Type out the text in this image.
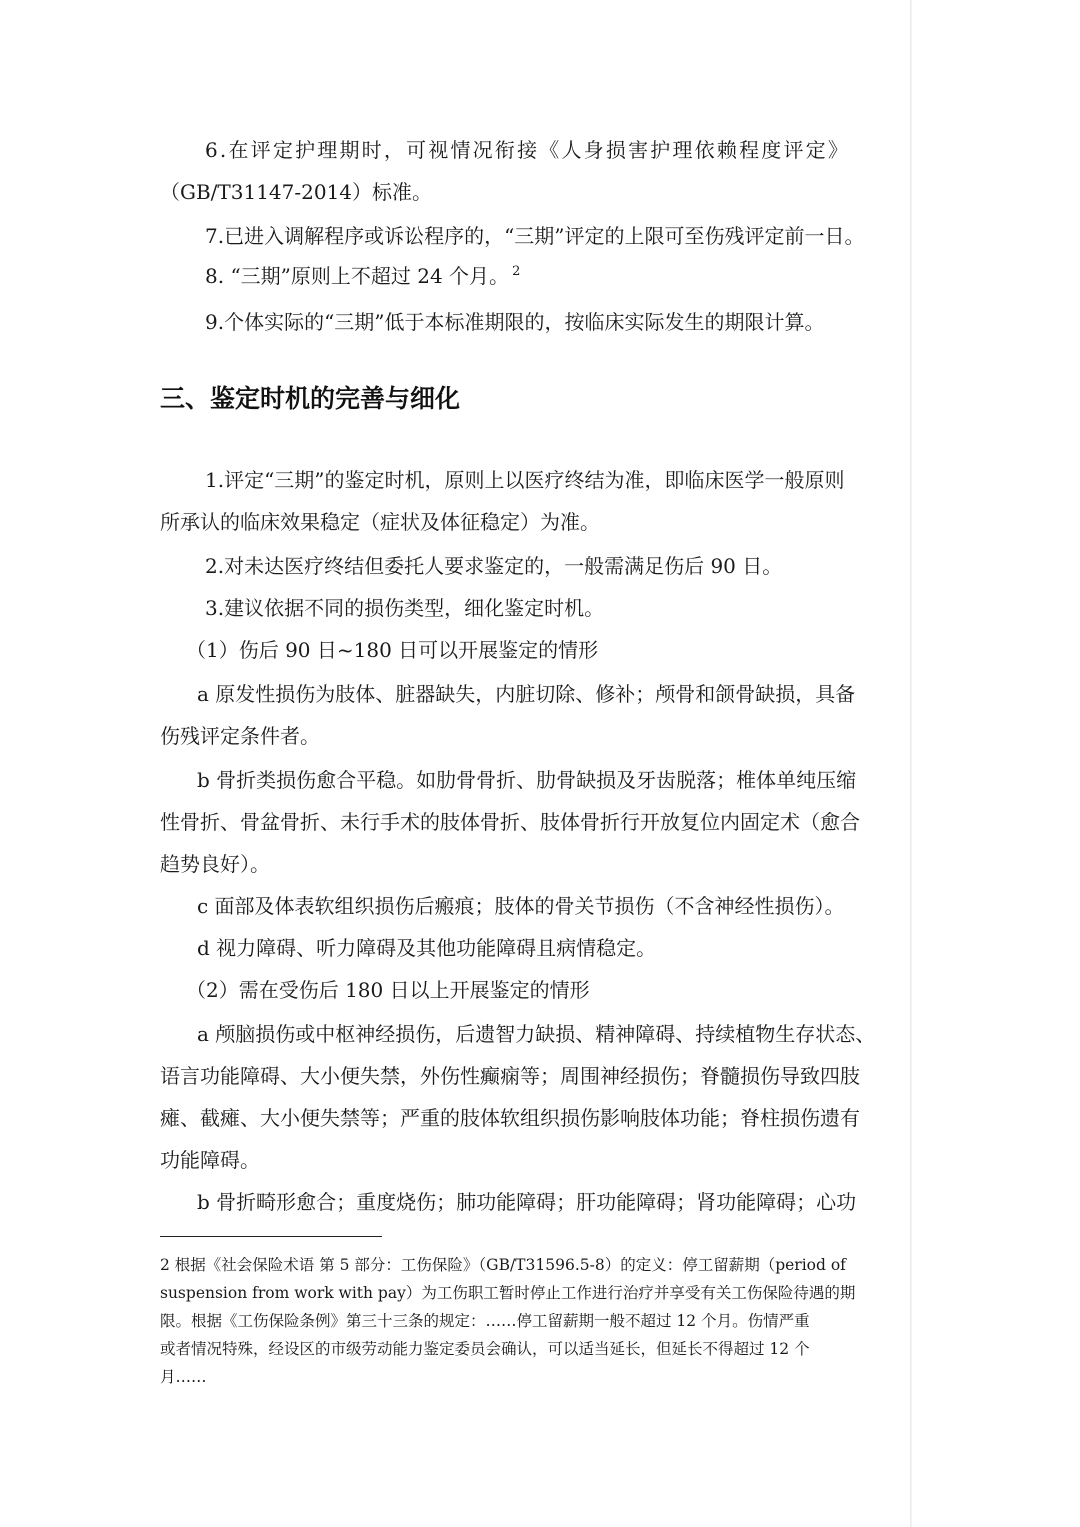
6.在评定护理期时，可视情况衔接《人身损害护理依赖程度评定》
（GB/T31147-2014）标准。
7.已进入调解程序或诉讼程序的，“三期”评定的上限可至伤残评定前一日。
8. “三期”原则上不超过 24 个月。 $^2$
9.个体实际的“三期”低于本标准期限的，按临床实际发生的期限计算。
三、鉴定时机的完善与细化
1.评定“三期”的鉴定时机，原则上以医疗终结为准，即临床医学一般原则
所承认的临床效果稳定（症状及体征稳定）为准。
2.对未达医疗终结但委托人要求鉴定的，一般需满足伤后 90 日。
3.建议依据不同的损伤类型，细化鉴定时机。
（1）伤后 90 日~180 日可以开展鉴定的情形
a 原发性损伤为肢体、脏器缺失，内脏切除、修补；颅骨和颌骨缺损，具备
伤残评定条件者。
b 骨折类损伤愈合平稳。如肋骨骨折、肋骨缺损及牙齿脱落；椎体单纯压缩
性骨折、骨盆骨折、未行手术的肢体骨折、肢体骨折行开放复位内固定术（愈合
趋势良好）。
c 面部及体表软组织损伤后瘢痕；肢体的骨关节损伤（不含神经性损伤）。
d 视力障碍、听力障碍及其他功能障碍且病情稳定。
（2）需在受伤后 180 日以上开展鉴定的情形
a 颅脑损伤或中枢神经损伤，后遗智力缺损、精神障碍、持续植物生存状态、
语言功能障碍、大小便失禁，外伤性癫痫等；周围神经损伤；脊髓损伤导致四肢
瘫、截瘫、大小便失禁等；严重的肢体软组织损伤影响肢体功能；脊柱损伤遗有
功能障碍。
b 骨折畸形愈合；重度烧伤；肺功能障碍；肝功能障碍；肾功能障碍；心功
2 根据《社会保险术语 第 5 部分：工伤保险》（GB/T31596.5-8）的定义：停工留薪期（period of
suspension from work with pay）为工伤职工暂时停止工作进行治疗并享受有关工伤保险待遇的期
限。根据《工伤保险条例》第三十三条的规定：……停工留薪期一般不超过 12 个月。伤情严重
或者情况特殊，经设区的市级劳动能力鉴定委员会确认，可以适当延长，但延长不得超过 12 个
月……
